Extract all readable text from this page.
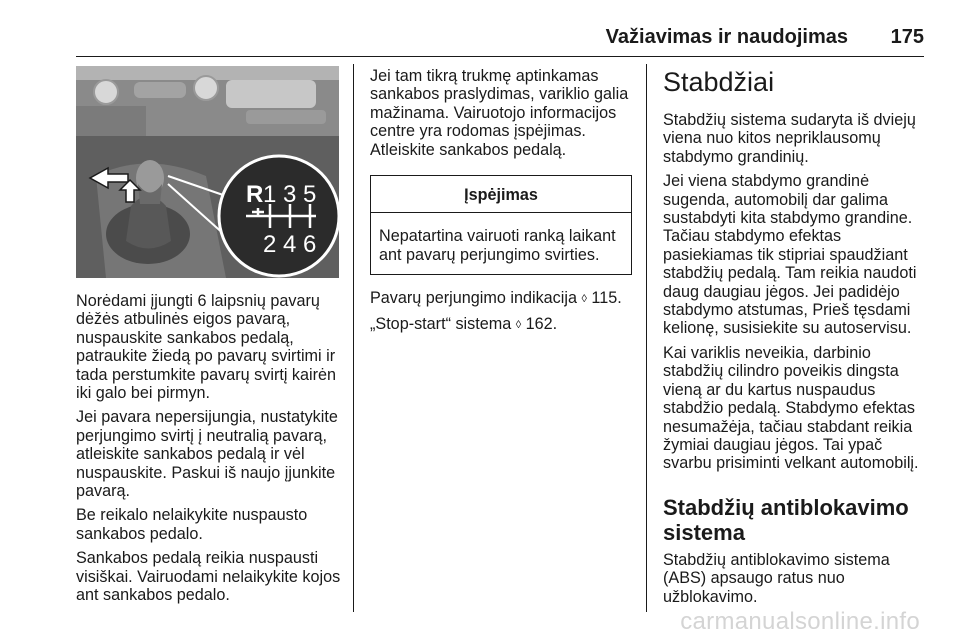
Važiavimas ir naudojimas 175
R 1 3 5
2 4 6

Norėdami įjungti 6 laipsnių pavarų dėžės atbulinės eigos pavarą, nuspauskite sankabos pedalą, patraukite žiedą po pavarų svirtimi ir tada perstumkite pavarų svirtį kairėn iki galo bei pirmyn.

Jei pavara nepersijungia, nustatykite perjungimo svirtį į neutralią pavarą, atleiskite sankabos pedalą ir vėl nuspauskite. Paskui iš naujo įjunkite pavarą.

Be reikalo nelaikykite nuspausto sankabos pedalo.

Sankabos pedalą reikia nuspausti visiškai. Vairuodami nelaikykite kojos ant sankabos pedalo.

Jei tam tikrą trukmę aptinkamas sankabos praslydimas, variklio galia mažinama. Vairuotojo informacijos centre yra rodomas įspėjimas. Atleiskite sankabos pedalą.

Įspėjimas
Nepatartina vairuoti ranką laikant ant pavarų perjungimo svirties.

Pavarų perjungimo indikacija ◊ 115.

„Stop-start“ sistema ◊ 162.

Stabdžiai

Stabdžių sistema sudaryta iš dviejų viena nuo kitos nepriklausomų stabdymo grandinių.

Jei viena stabdymo grandinė sugenda, automobilį dar galima sustabdyti kita stabdymo grandine. Tačiau stabdymo efektas pasiekiamas tik stipriai spaudžiant stabdžių pedalą. Tam reikia naudoti daug daugiau jėgos. Jei padidėjo stabdymo atstumas, Prieš tęsdami kelionę, susisiekite su autoservisu.

Kai variklis neveikia, darbinio stabdžių cilindro poveikis dingsta vieną ar du kartus nuspaudus stabdžio pedalą. Stabdymo efektas nesumažėja, tačiau stabdant reikia žymiai daugiau jėgos. Tai ypač svarbu prisiminti velkant automobilį.

Stabdžių antiblokavimo sistema

Stabdžių antiblokavimo sistema (ABS) apsaugo ratus nuo užblokavimo.

carmanualsonline.info
